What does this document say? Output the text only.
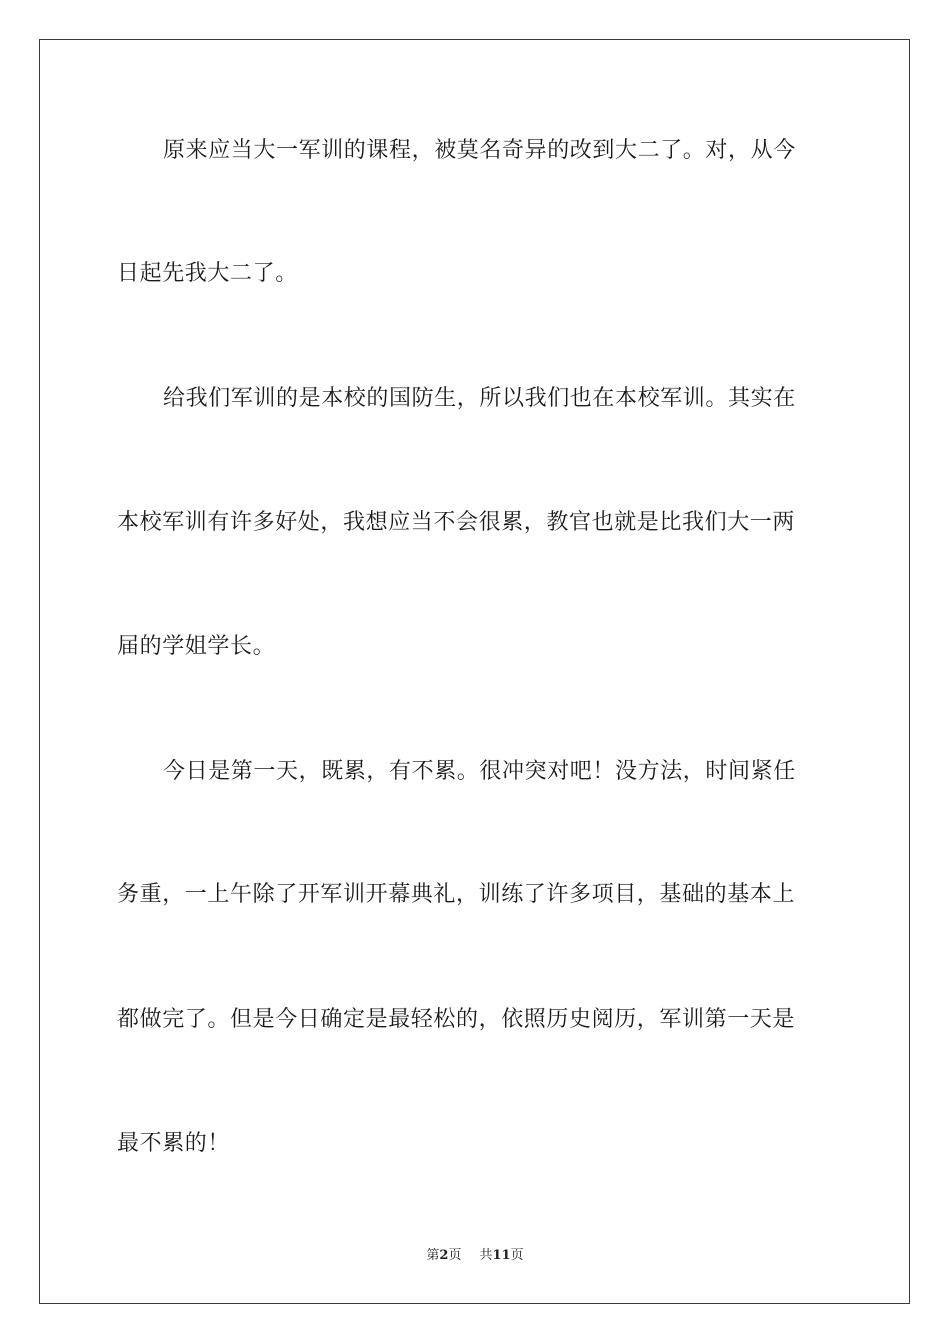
原来应当大一军训的课程，被莫名奇异的改到大二了。对，从今
日起先我大二了。
给我们军训的是本校的国防生，所以我们也在本校军训。其实在
本校军训有许多好处，我想应当不会很累，教官也就是比我们大一两
届的学姐学长。
今日是第一天，既累，有不累。很冲突对吧！没方法，时间紧任
务重，一上午除了开军训开幕典礼，训练了许多项目，基础的基本上
都做完了。但是今日确定是最轻松的，依照历史阅历，军训第一天是
最不累的！
第2页 共11页
